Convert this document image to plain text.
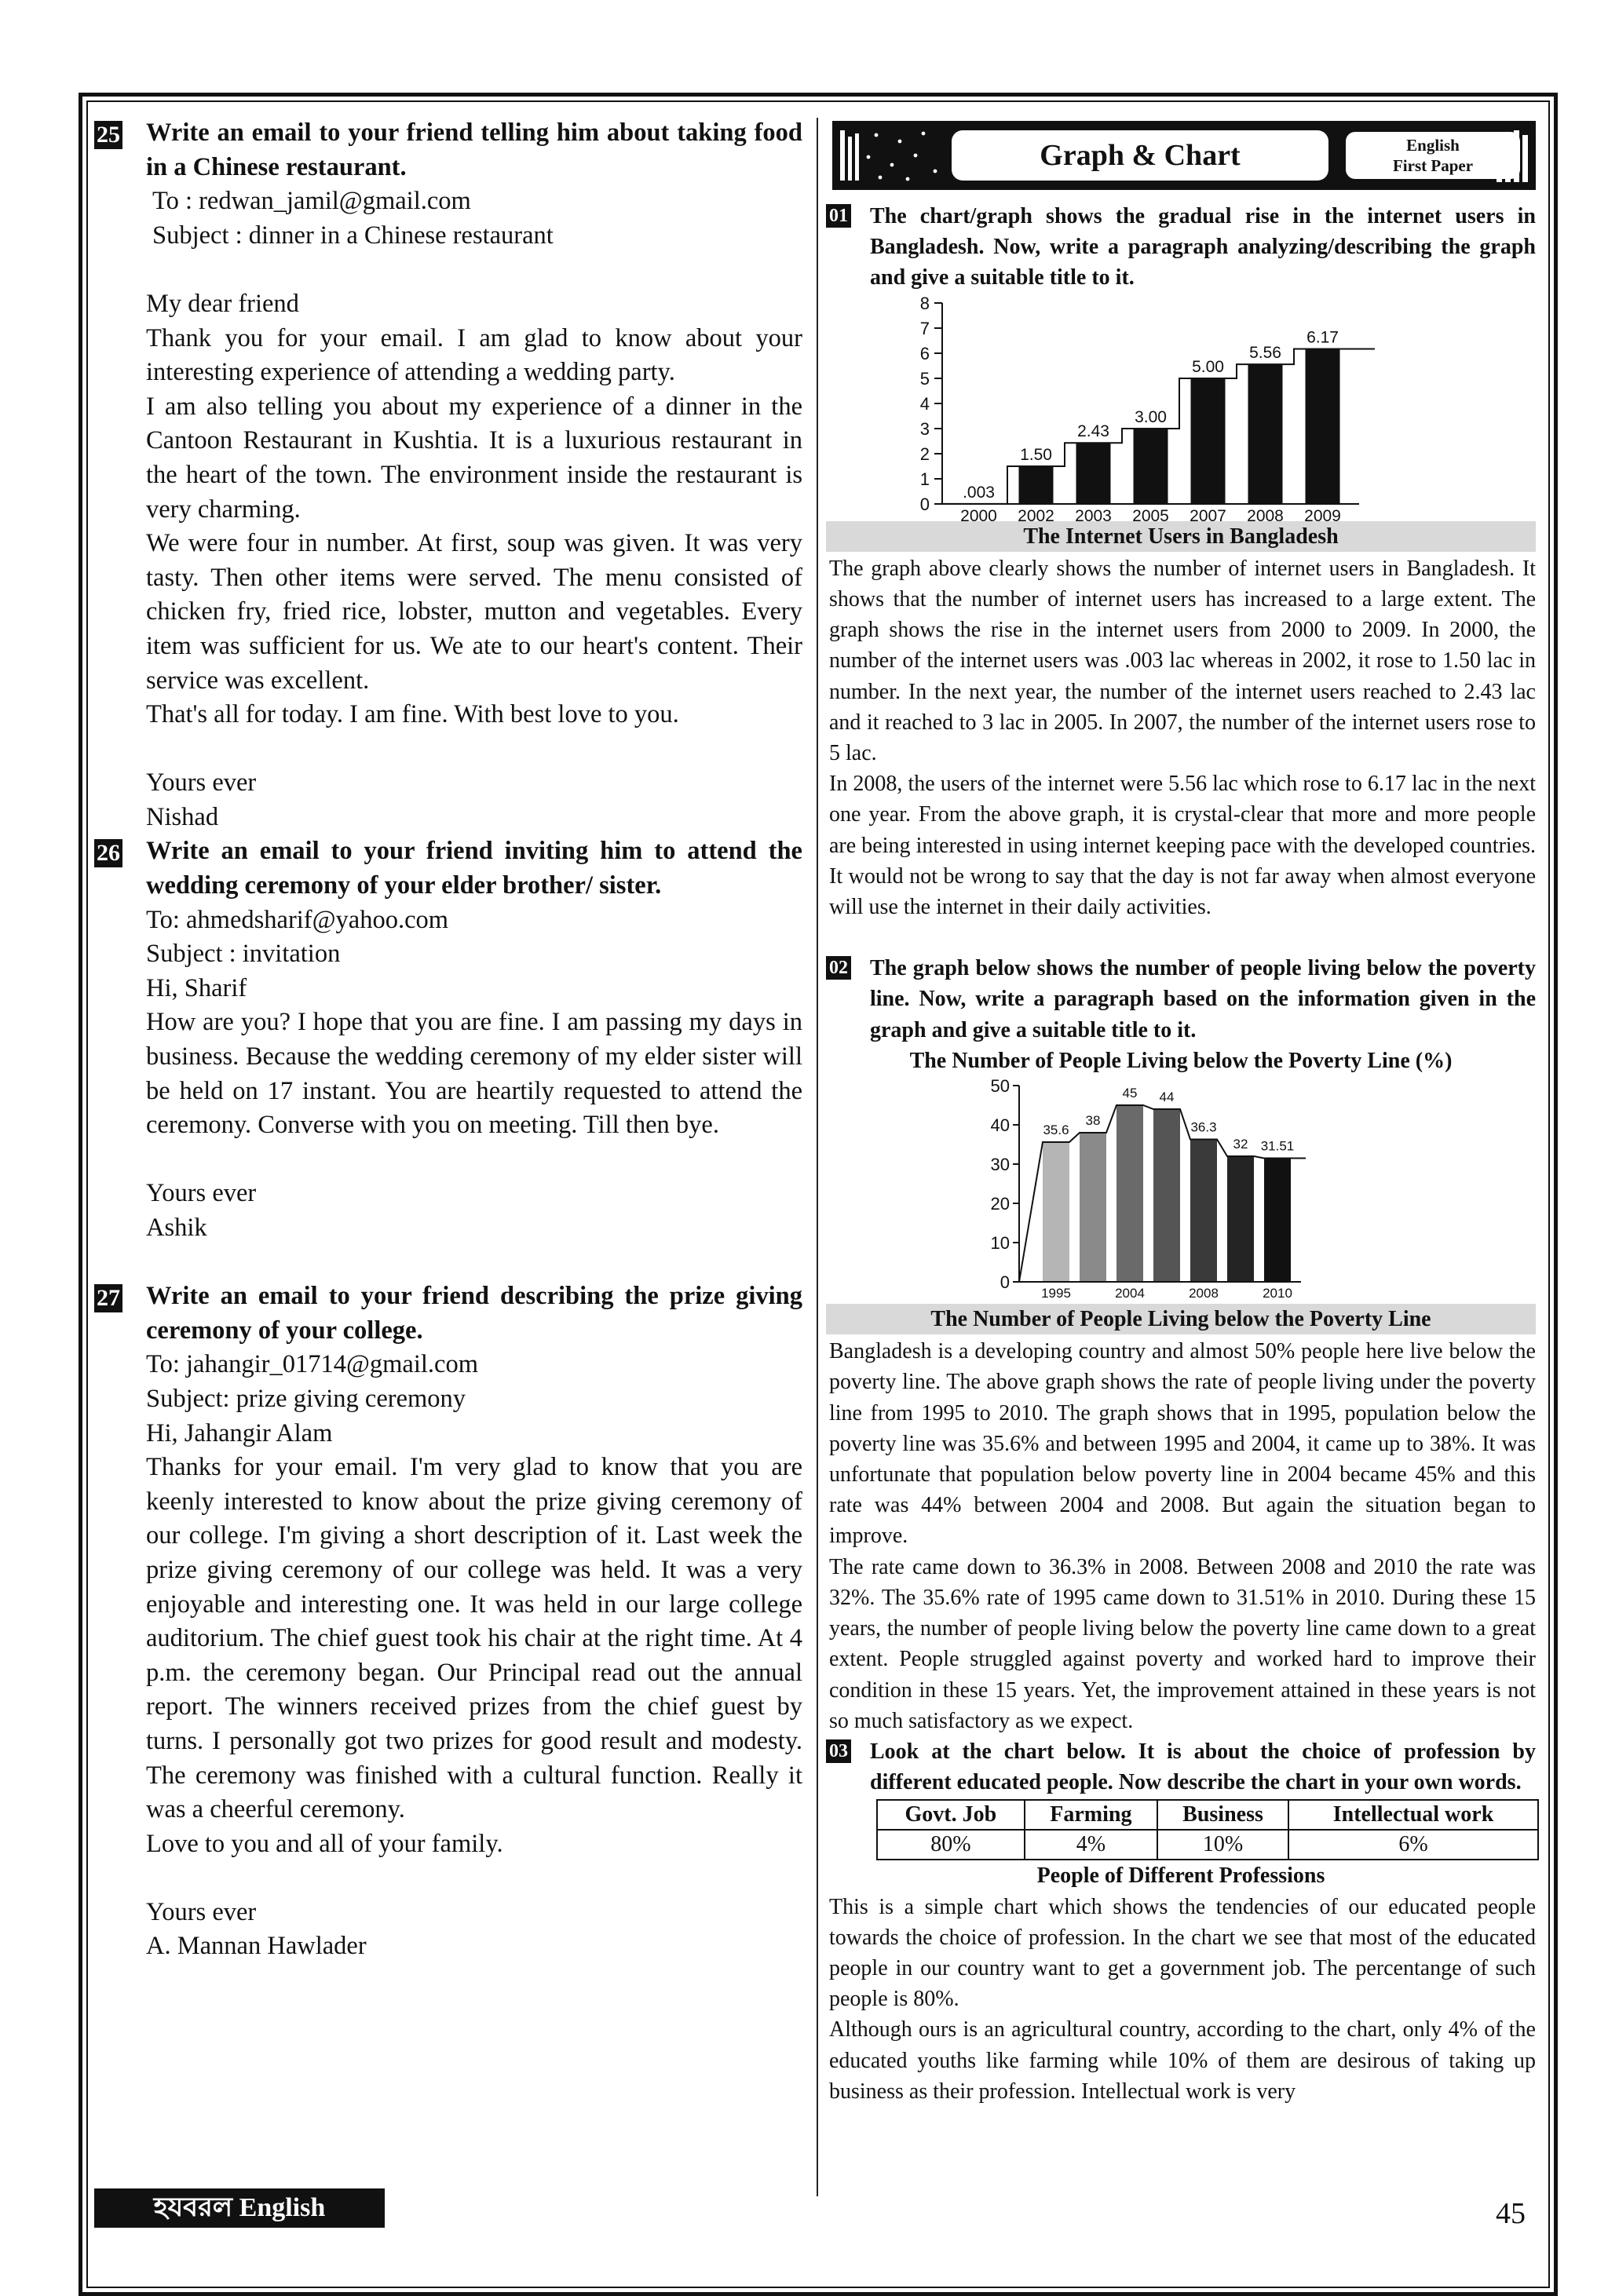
25 Write an email to your friend telling him about taking food in a Chinese restaurant.
To : redwan_jamil@gmail.com
Subject : dinner in a Chinese restaurant
My dear friend
Thank you for your email. I am glad to know about your interesting experience of attending a wedding party.
I am also telling you about my experience of a dinner in the Cantoon Restaurant in Kushtia. It is a luxurious restaurant in the heart of the town. The environment inside the restaurant is very charming.
We were four in number. At first, soup was given. It was very tasty. Then other items were served. The menu consisted of chicken fry, fried rice, lobster, mutton and vegetables. Every item was sufficient for us. We ate to our heart's content. Their service was excellent.
That's all for today. I am fine. With best love to you.
Yours ever
Nishad
26 Write an email to your friend inviting him to attend the wedding ceremony of your elder brother/ sister.
To: ahmedsharif@yahoo.com
Subject : invitation
Hi, Sharif
How are you? I hope that you are fine. I am passing my days in business. Because the wedding ceremony of my elder sister will be held on 17 instant. You are heartily requested to attend the ceremony. Converse with you on meeting. Till then bye.
Yours ever
Ashik
27 Write an email to your friend describing the prize giving ceremony of your college.
To: jahangir_01714@gmail.com
Subject: prize giving ceremony
Hi, Jahangir Alam
Thanks for your email. I'm very glad to know that you are keenly interested to know about the prize giving ceremony of our college. I'm giving a short description of it. Last week the prize giving ceremony of our college was held. It was a very enjoyable and interesting one. It was held in our large college auditorium. The chief guest took his chair at the right time. At 4 p.m. the ceremony began. Our Principal read out the annual report. The winners received prizes from the chief guest by turns. I personally got two prizes for good result and modesty. The ceremony was finished with a cultural function. Really it was a cheerful ceremony.
Love to you and all of your family.
Yours ever
A. Mannan Hawlader
Graph & Chart	English
First Paper
01 The chart/graph shows the gradual rise in the internet users in Bangladesh. Now, write a paragraph analyzing/describing the graph and give a suitable title to it.
0
1
2
3
4
5
6
7
8
2000
.003
2002
1.50
2003
2.43
2005
3.00
2007
5.00
2008
5.56
2009
6.17
The Internet Users in Bangladesh
The graph above clearly shows the number of internet users in Bangladesh. It shows that the number of internet users has increased to a large extent. The graph shows the rise in the internet users from 2000 to 2009. In 2000, the number of the internet users was .003 lac whereas in 2002, it rose to 1.50 lac in number. In the next year, the number of the internet users reached to 2.43 lac and it reached to 3 lac in 2005. In 2007, the number of the internet users rose to 5 lac.
In 2008, the users of the internet were 5.56 lac which rose to 6.17 lac in the next one year. From the above graph, it is crystal-clear that more and more people are being interested in using internet keeping pace with the developed countries. It would not be wrong to say that the day is not far away when almost everyone will use the internet in their daily activities.
02 The graph below shows the number of people living below the poverty line. Now, write a paragraph based on the information given in the graph and give a suitable title to it.
The Number of People Living below the Poverty Line (%)
0
10
20
30
40
50
35.6
1995
38
45
2004
44
36.3
2008
32 31.51
2010
The Number of People Living below the Poverty Line
Bangladesh is a developing country and almost 50% people here live below the poverty line. The above graph shows the rate of people living under the poverty line from 1995 to 2010. The graph shows that in 1995, population below the poverty line was 35.6% and between 1995 and 2004, it came up to 38%. It was unfortunate that population below poverty line in 2004 became 45% and this rate was 44% between 2004 and 2008. But again the situation began to improve.
The rate came down to 36.3% in 2008. Between 2008 and 2010 the rate was 32%. The 35.6% rate of 1995 came down to 31.51% in 2010. During these 15 years, the number of people living below the poverty line came down to a great extent. People struggled against poverty and worked hard to improve their condition in these 15 years. Yet, the improvement attained in these years is not so much satisfactory as we expect.
03 Look at the chart below. It is about the choice of profession by different educated people. Now describe the chart in your own words.
Govt. Job	Farming	Business	Intellectual work
80%	4%	10%	6%
People of Different Professions
This is a simple chart which shows the tendencies of our educated people towards the choice of profession. In the chart we see that most of the educated people in our country want to get a government job. The percentange of such people is 80%.
Although ours is an agricultural country, according to the chart, only 4% of the educated youths like farming while 10% of them are desirous of taking up business as their profession. Intellectual work is very
হযবরল English	45
